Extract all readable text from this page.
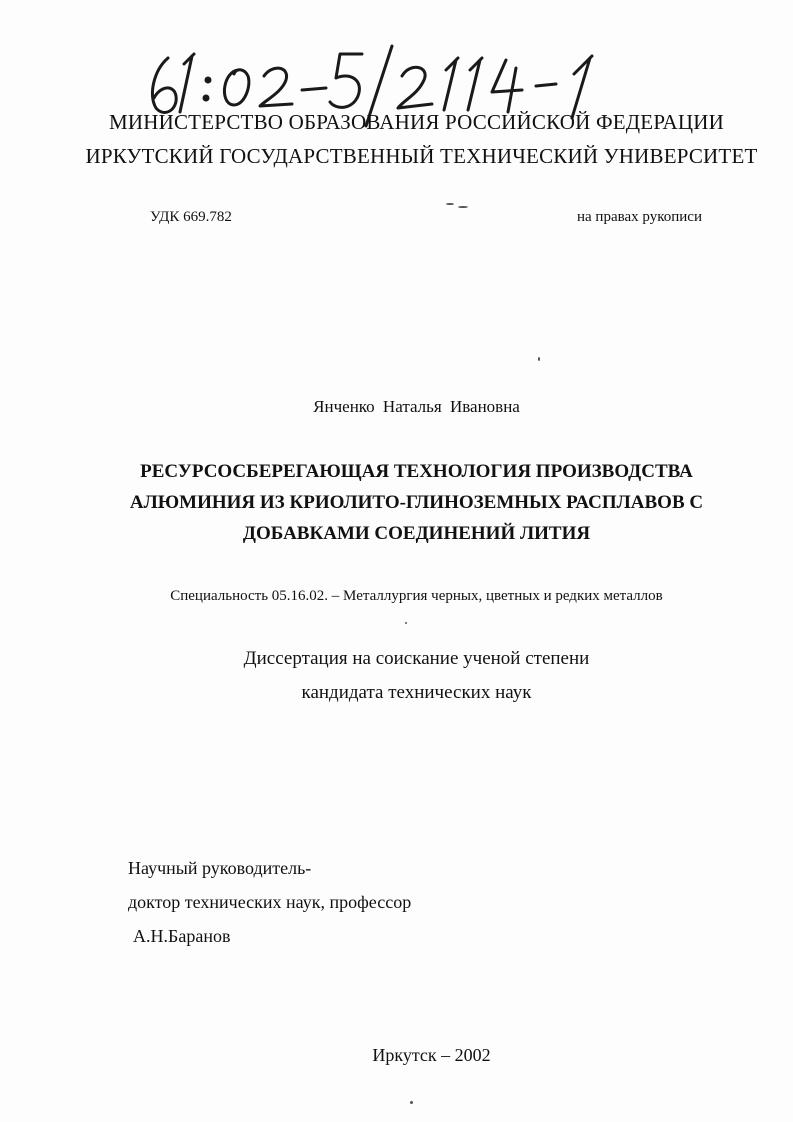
61: 02-5/2114-1
МИНИСТЕРСТВО ОБРАЗОВАНИЯ РОССИЙСКОЙ ФЕДЕРАЦИИ
ИРКУТСКИЙ ГОСУДАРСТВЕННЫЙ ТЕХНИЧЕСКИЙ УНИВЕРСИТЕТ
УДК 669.782	на правах рукописи
Янченко Наталья Ивановна
РЕСУРСОСБЕРЕГАЮЩАЯ ТЕХНОЛОГИЯ ПРОИЗВОДСТВА
АЛЮМИНИЯ ИЗ КРИОЛИТО-ГЛИНОЗЕМНЫХ РАСПЛАВОВ С
ДОБАВКАМИ СОЕДИНЕНИЙ ЛИТИЯ
Специальность 05.16.02. – Металлургия черных, цветных и редких металлов
Диссертация на соискание ученой степени
кандидата технических наук
Научный руководитель-
доктор технических наук, профессор
А.Н.Баранов
Иркутск – 2002
